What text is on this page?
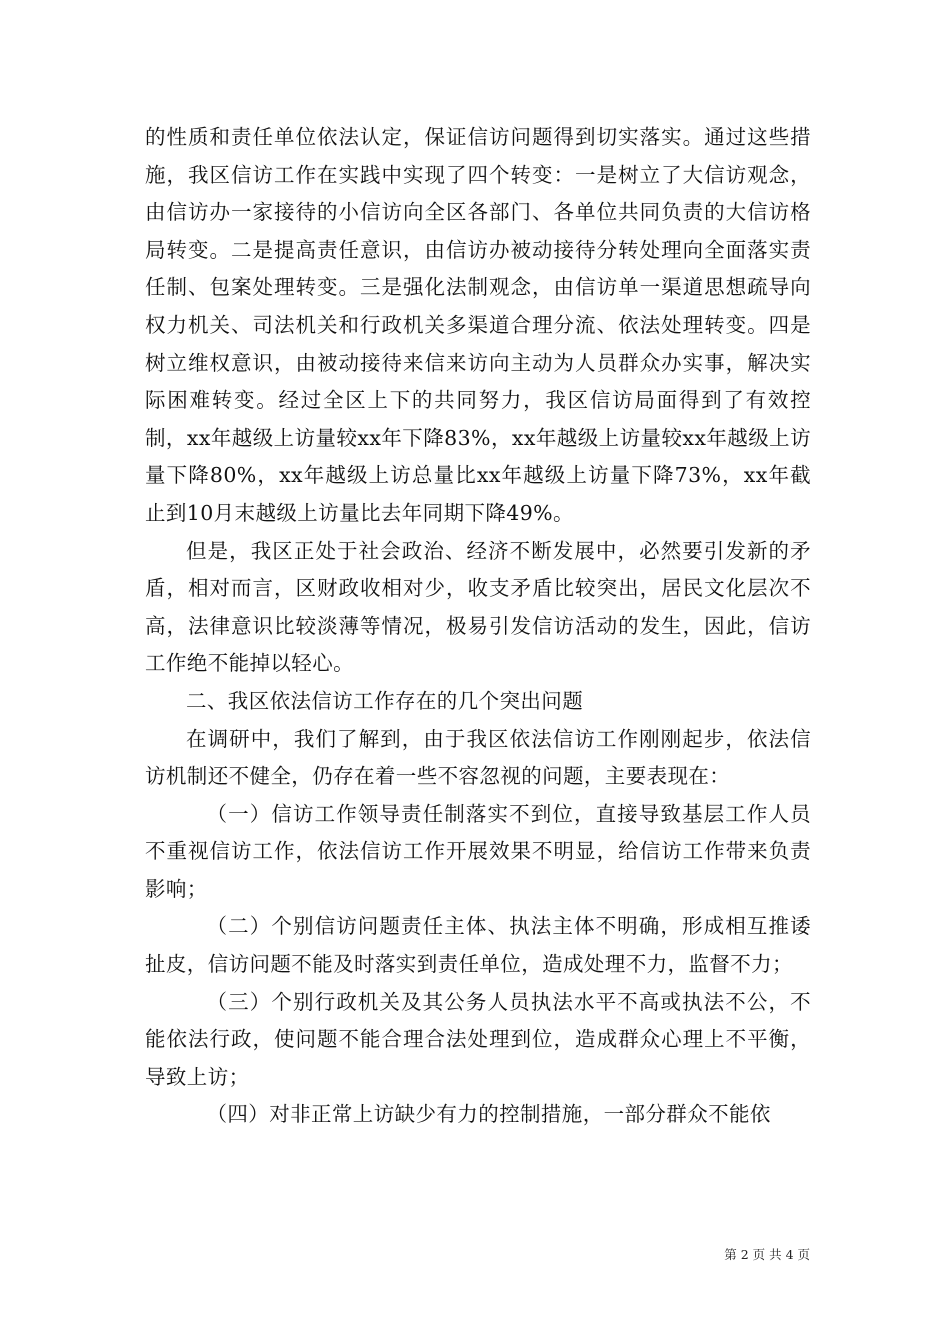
的性质和责任单位依法认定，保证信访问题得到切实落实。通过这些措施，我区信访工作在实践中实现了四个转变：一是树立了大信访观念，由信访办一家接待的小信访向全区各部门、各单位共同负责的大信访格局转变。二是提高责任意识，由信访办被动接待分转处理向全面落实责任制、包案处理转变。三是强化法制观念，由信访单一渠道思想疏导向权力机关、司法机关和行政机关多渠道合理分流、依法处理转变。四是树立维权意识，由被动接待来信来访向主动为人员群众办实事，解决实际困难转变。经过全区上下的共同努力，我区信访局面得到了有效控制，xx年越级上访量较xx年下降83%，xx年越级上访量较xx年越级上访量下降80%，xx年越级上访总量比xx年越级上访量下降73%，xx年截止到10月末越级上访量比去年同期下降49%。

但是，我区正处于社会政治、经济不断发展中，必然要引发新的矛盾，相对而言，区财政收相对少，收支矛盾比较突出，居民文化层次不高，法律意识比较淡薄等情况，极易引发信访活动的发生，因此，信访工作绝不能掉以轻心。

二、我区依法信访工作存在的几个突出问题

在调研中，我们了解到，由于我区依法信访工作刚刚起步，依法信访机制还不健全，仍存在着一些不容忽视的问题，主要表现在：

（一）信访工作领导责任制落实不到位，直接导致基层工作人员不重视信访工作，依法信访工作开展效果不明显，给信访工作带来负责影响；

（二）个别信访问题责任主体、执法主体不明确，形成相互推诿扯皮，信访问题不能及时落实到责任单位，造成处理不力，监督不力；

（三）个别行政机关及其公务人员执法水平不高或执法不公，不能依法行政，使问题不能合理合法处理到位，造成群众心理上不平衡，导致上访；

（四）对非正常上访缺少有力的控制措施，一部分群众不能依

第 2 页 共 4 页
